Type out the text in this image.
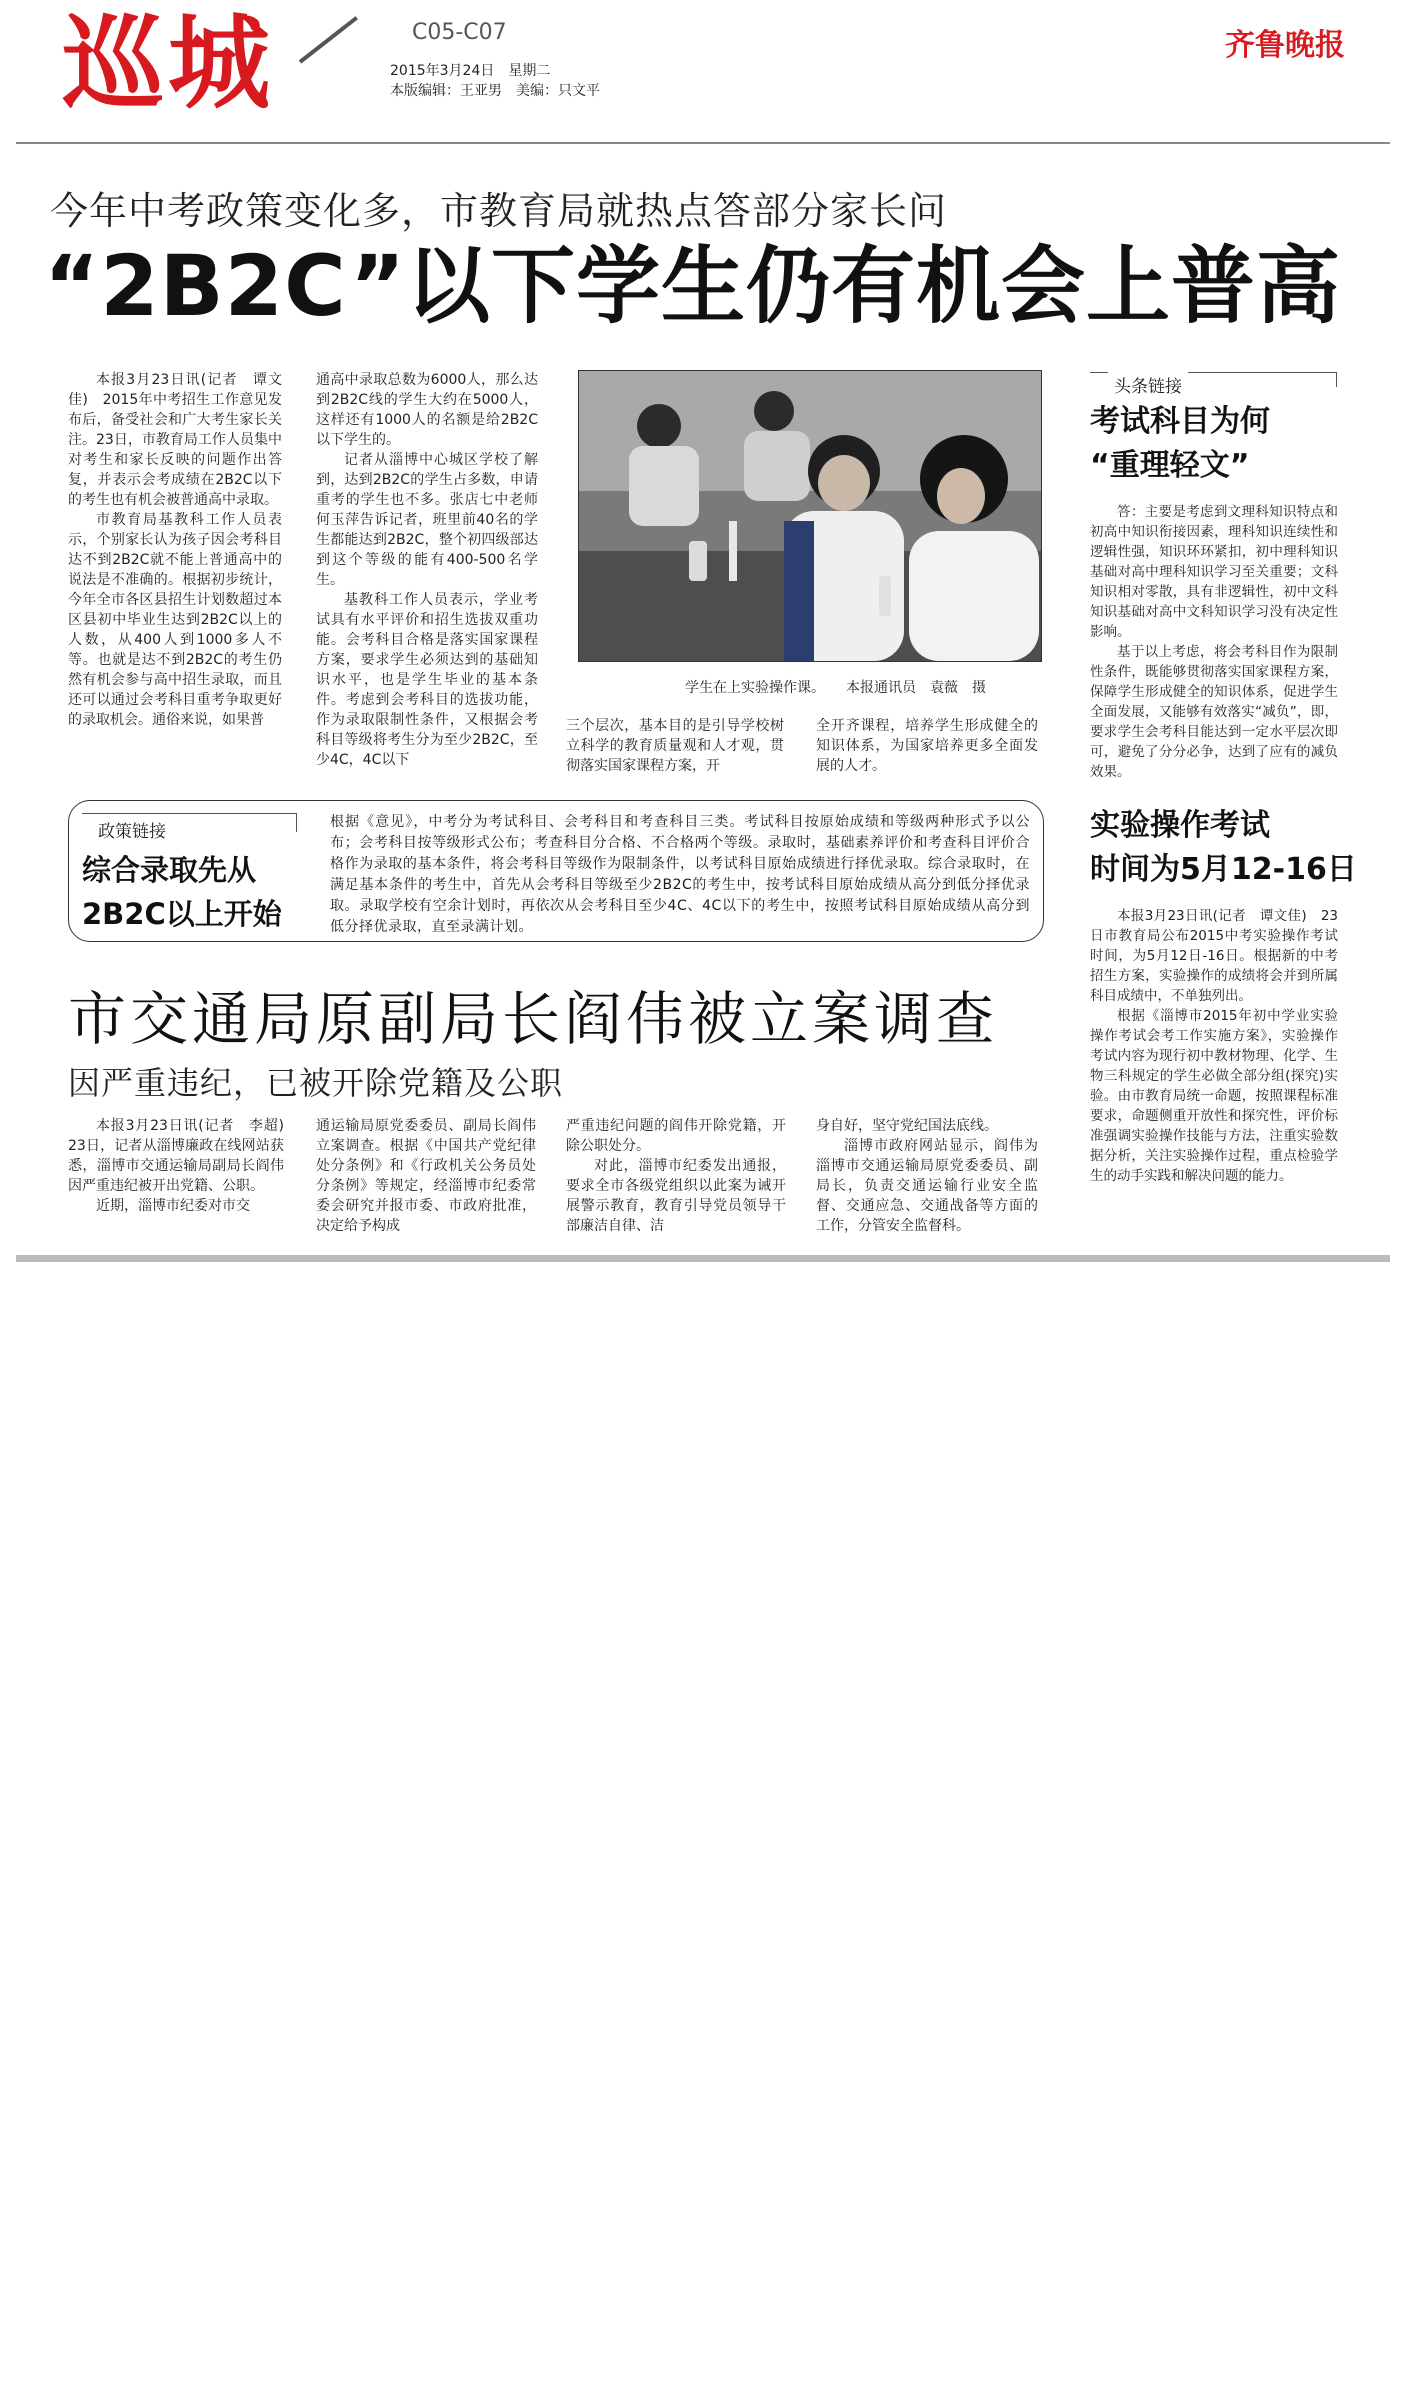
巡城	C05-C07
2015年3月24日　星期二
本版编辑：王亚男　美编：只文平
齐鲁晚报
今年中考政策变化多，市教育局就热点答部分家长问
“2B2C”以下学生仍有机会上普高

本报3月23日讯(记者　谭文佳)　2015年中考招生工作意见发布后，备受社会和广大考生家长关注。23日，市教育局工作人员集中对考生和家长反映的问题作出答复，并表示会考成绩在2B2C以下的考生也有机会被普通高中录取。

市教育局基教科工作人员表示，个别家长认为孩子因会考科目达不到2B2C就不能上普通高中的说法是不准确的。根据初步统计，今年全市各区县招生计划数超过本区县初中毕业生达到2B2C以上的人数，从400人到1000多人不等。也就是达不到2B2C的考生仍然有机会参与高中招生录取，而且还可以通过会考科目重考争取更好的录取机会。通俗来说，如果普

通高中录取总数为6000人，那么达到2B2C线的学生大约在5000人，这样还有1000人的名额是给2B2C以下学生的。

记者从淄博中心城区学校了解到，达到2B2C的学生占多数，申请重考的学生也不多。张店七中老师何玉萍告诉记者，班里前40名的学生都能达到2B2C，整个初四级部达到这个等级的能有400-500名学生。

基教科工作人员表示，学业考试具有水平评价和招生选拔双重功能。会考科目合格是落实国家课程方案，要求学生必须达到的基础知识水平，也是学生毕业的基本条件。考虑到会考科目的选拔功能，作为录取限制性条件，又根据会考科目等级将考生分为至少2B2C，至少4C，4C以下

学生在上实验操作课。　　本报通讯员　袁薇　摄

三个层次，基本目的是引导学校树立科学的教育质量观和人才观，贯彻落实国家课程方案，开

全开齐课程，培养学生形成健全的知识体系，为国家培养更多全面发展的人才。

头条链接
考试科目为何
“重理轻文”

答：主要是考虑到文理科知识特点和初高中知识衔接因素，理科知识连续性和逻辑性强，知识环环紧扣，初中理科知识基础对高中理科知识学习至关重要；文科知识相对零散，具有非逻辑性，初中文科知识基础对高中文科知识学习没有决定性影响。

基于以上考虑，将会考科目作为限制性条件，既能够贯彻落实国家课程方案，保障学生形成健全的知识体系，促进学生全面发展，又能够有效落实“减负”，即，要求学生会考科目能达到一定水平层次即可，避免了分分必争，达到了应有的减负效果。

实验操作考试
时间为5月12-16日

本报3月23日讯(记者　谭文佳)　23日市教育局公布2015中考实验操作考试时间，为5月12日-16日。根据新的中考招生方案，实验操作的成绩将会并到所属科目成绩中，不单独列出。

根据《淄博市2015年初中学业实验操作考试会考工作实施方案》，实验操作考试内容为现行初中教材物理、化学、生物三科规定的学生必做全部分组(探究)实验。由市教育局统一命题，按照课程标准要求，命题侧重开放性和探究性，评价标准强调实验操作技能与方法，注重实验数据分析，关注实验操作过程，重点检验学生的动手实践和解决问题的能力。

政策链接
综合录取先从
2B2C以上开始
根据《意见》，中考分为考试科目、会考科目和考查科目三类。考试科目按原始成绩和等级两种形式予以公布；会考科目按等级形式公布；考查科目分合格、不合格两个等级。录取时，基础素养评价和考查科目评价合格作为录取的基本条件，将会考科目等级作为限制条件，以考试科目原始成绩进行择优录取。综合录取时，在满足基本条件的考生中，首先从会考科目等级至少2B2C的考生中，按考试科目原始成绩从高分到低分择优录取。录取学校有空余计划时，再依次从会考科目至少4C、4C以下的考生中，按照考试科目原始成绩从高分到低分择优录取，直至录满计划。
市交通局原副局长阎伟被立案调查
因严重违纪，已被开除党籍及公职

本报3月23日讯(记者　李超)　23日，记者从淄博廉政在线网站获悉，淄博市交通运输局副局长阎伟因严重违纪被开出党籍、公职。

近期，淄博市纪委对市交

通运输局原党委委员、副局长阎伟立案调查。根据《中国共产党纪律处分条例》和《行政机关公务员处分条例》等规定，经淄博市纪委常委会研究并报市委、市政府批准，决定给予构成

严重违纪问题的阎伟开除党籍，开除公职处分。

对此，淄博市纪委发出通报，要求全市各级党组织以此案为诫开展警示教育，教育引导党员领导干部廉洁自律、洁

身自好，坚守党纪国法底线。

淄博市政府网站显示，阎伟为淄博市交通运输局原党委委员、副局长，负责交通运输行业安全监督、交通应急、交通战备等方面的工作，分管安全监督科。
